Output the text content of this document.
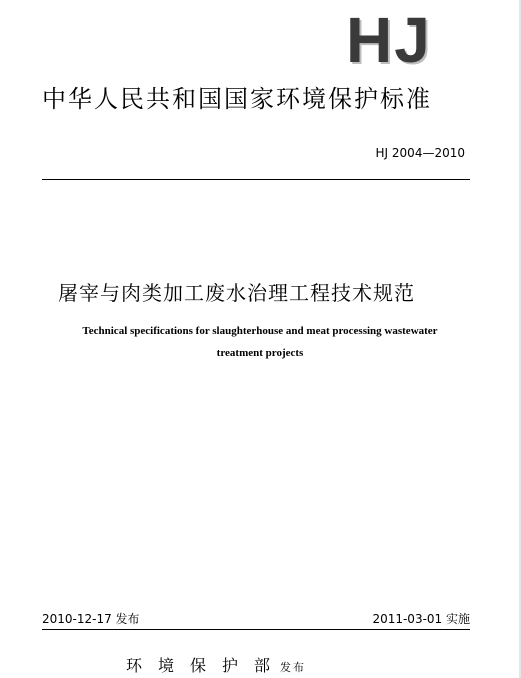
HJ
中华人民共和国国家环境保护标准
HJ 2004—2010
屠宰与肉类加工废水治理工程技术规范
Technical specifications for slaughterhouse and meat processing wastewater
treatment projects
2010-12-17 发布	2011-03-01 实施
环境保护部发布
